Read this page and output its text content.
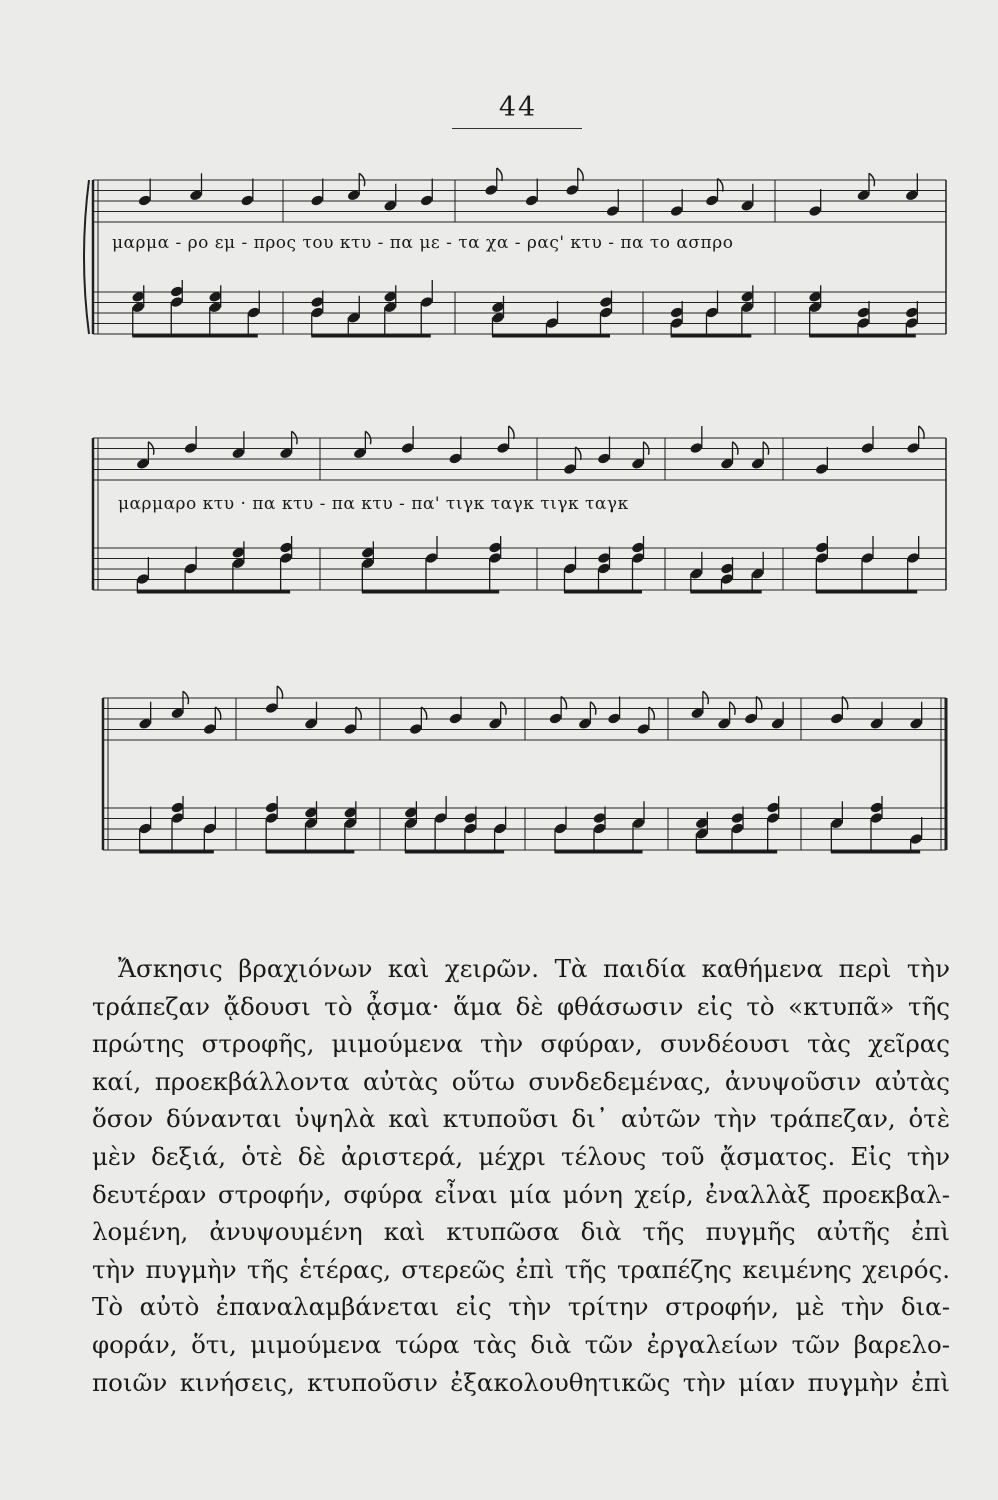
44
μαρμα - ρο εμ - προς του κτυ - πα με - τα χα - ρας' κτυ - πα το ασπρο
μαρμαρο κτυ · πα κτυ - πα κτυ - πα' τιγκ ταγκ τιγκ ταγκ
Ἄσκησις βραχιόνων καὶ χειρῶν. Τὰ παιδία καθήμενα περὶ τὴν
τράπεζαν ᾄδουσι τὸ ᾆσμα· ἅμα δὲ φθάσωσιν εἰς τὸ «κτυπᾶ» τῆς
πρώτης στροφῆς, μιμούμενα τὴν σφύραν, συνδέουσι τὰς χεῖρας
καί, προεκβάλλοντα αὐτὰς οὕτω συνδεδεμένας, ἀνυψοῦσιν αὐτὰς
ὅσον δύνανται ὑψηλὰ καὶ κτυποῦσι δι᾿ αὐτῶν τὴν τράπεζαν, ὁτὲ
μὲν δεξιά, ὁτὲ δὲ ἀριστερά, μέχρι τέλους τοῦ ᾄσματος. Εἰς τὴν
δευτέραν στροφήν, σφύρα εἶναι μία μόνη χείρ, ἐναλλὰξ προεκβαλ-
λομένη, ἀνυψουμένη καὶ κτυπῶσα διὰ τῆς πυγμῆς αὐτῆς ἐπὶ
τὴν πυγμὴν τῆς ἑτέρας, στερεῶς ἐπὶ τῆς τραπέζης κειμένης χειρός.
Τὸ αὐτὸ ἐπαναλαμβάνεται εἰς τὴν τρίτην στροφήν, μὲ τὴν δια-
φοράν, ὅτι, μιμούμενα τώρα τὰς διὰ τῶν ἐργαλείων τῶν βαρελο-
ποιῶν κινήσεις, κτυποῦσιν ἐξακολουθητικῶς τὴν μίαν πυγμὴν ἐπὶ
